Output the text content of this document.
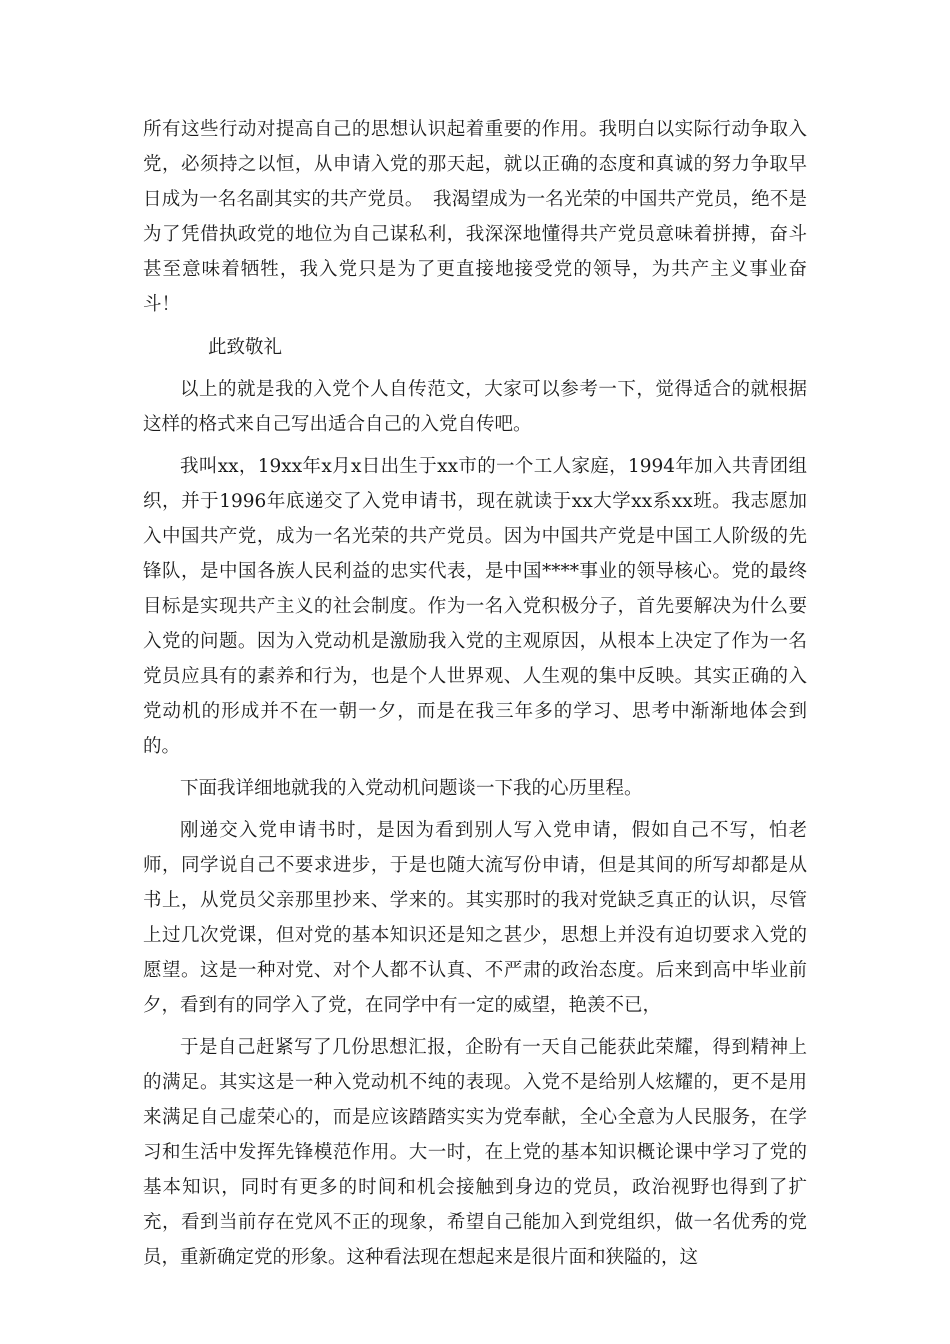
所有这些行动对提高自己的思想认识起着重要的作用。我明白以实际行动争取入党，必须持之以恒，从申请入党的那天起，就以正确的态度和真诚的努力争取早日成为一名名副其实的共产党员。　我渴望成为一名光荣的中国共产党员，绝不是为了凭借执政党的地位为自己谋私利，我深深地懂得共产党员意味着拼搏，奋斗甚至意味着牺牲，我入党只是为了更直接地接受党的领导，为共产主义事业奋斗！

此致敬礼

以上的就是我的入党个人自传范文，大家可以参考一下，觉得适合的就根据这样的格式来自己写出适合自己的入党自传吧。

我叫xx，19xx年x月x日出生于xx市的一个工人家庭，1994年加入共青团组织，并于1996年底递交了入党申请书，现在就读于xx大学xx系xx班。我志愿加入中国共产党，成为一名光荣的共产党员。因为中国共产党是中国工人阶级的先锋队，是中国各族人民利益的忠实代表，是中国****事业的领导核心。党的最终目标是实现共产主义的社会制度。作为一名入党积极分子，首先要解决为什么要入党的问题。因为入党动机是激励我入党的主观原因，从根本上决定了作为一名党员应具有的素养和行为，也是个人世界观、人生观的集中反映。其实正确的入党动机的形成并不在一朝一夕，而是在我三年多的学习、思考中渐渐地体会到的。

下面我详细地就我的入党动机问题谈一下我的心历里程。

刚递交入党申请书时，是因为看到别人写入党申请，假如自己不写，怕老师，同学说自己不要求进步，于是也随大流写份申请，但是其间的所写却都是从书上，从党员父亲那里抄来、学来的。其实那时的我对党缺乏真正的认识，尽管上过几次党课，但对党的基本知识还是知之甚少，思想上并没有迫切要求入党的愿望。这是一种对党、对个人都不认真、不严肃的政治态度。后来到高中毕业前夕，看到有的同学入了党，在同学中有一定的威望，艳羡不已，

于是自己赶紧写了几份思想汇报，企盼有一天自己能获此荣耀，得到精神上的满足。其实这是一种入党动机不纯的表现。入党不是给别人炫耀的，更不是用来满足自己虚荣心的，而是应该踏踏实实为党奉献，全心全意为人民服务，在学习和生活中发挥先锋模范作用。大一时，在上党的基本知识概论课中学习了党的基本知识，同时有更多的时间和机会接触到身边的党员，政治视野也得到了扩充，看到当前存在党风不正的现象，希望自己能加入到党组织，做一名优秀的党员，重新确定党的形象。这种看法现在想起来是很片面和狭隘的，这
